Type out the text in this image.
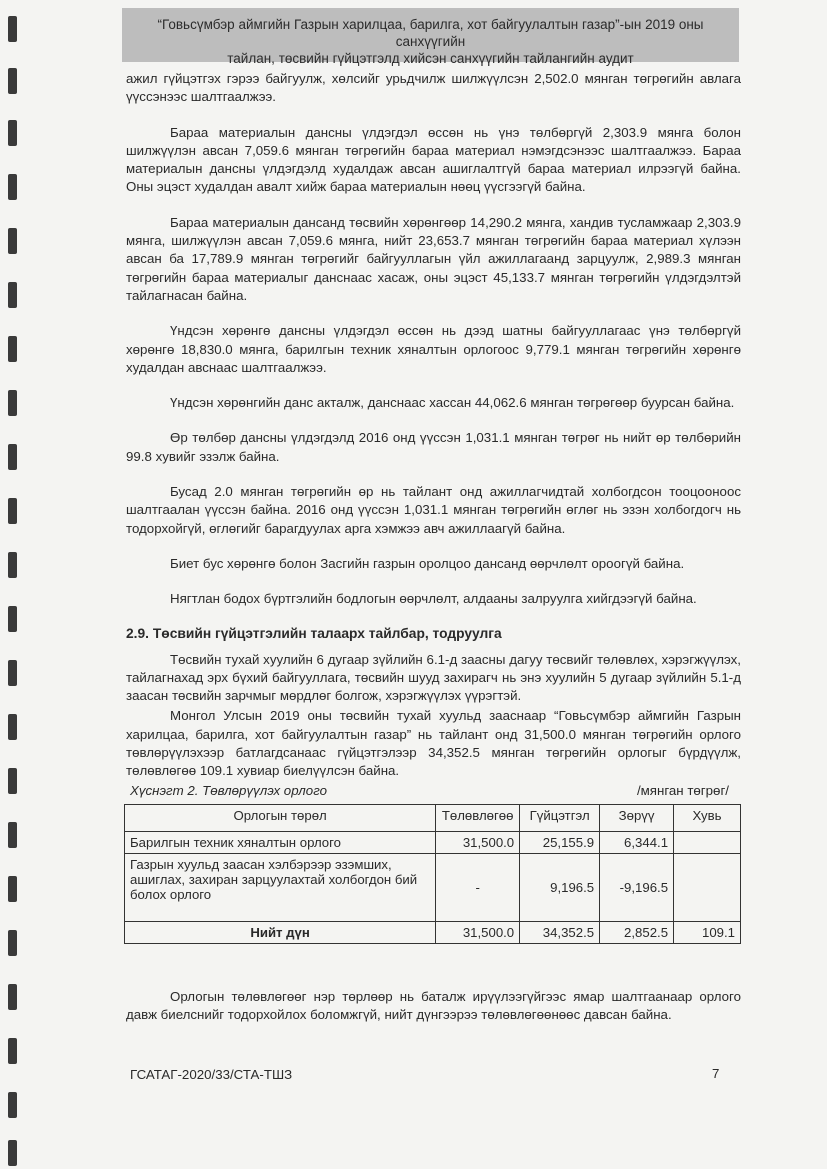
“Говьсүмбэр аймгийн Газрын харилцаа, барилга, хот байгуулалтын газар”-ын 2019 оны санхүүгийн
тайлан, төсвийн гүйцэтгэлд хийсэн санхүүгийн тайлангийн аудит

ажил гүйцэтгэх гэрээ байгуулж, хөлсийг урьдчилж шилжүүлсэн 2,502.0 мянган төгрөгийн авлага үүссэнээс шалтгаалжээ.

Бараа материалын дансны үлдэгдэл өссөн нь үнэ төлбөргүй 2,303.9 мянга болон шилжүүлэн авсан 7,059.6 мянган төгрөгийн бараа материал нэмэгдсэнээс шалтгаалжээ. Бараа материалын дансны үлдэгдэлд худалдаж авсан ашиглалтгүй бараа материал илрээгүй байна. Оны эцэст худалдан авалт хийж бараа материалын нөөц үүсгээгүй байна.

Бараа материалын дансанд төсвийн хөрөнгөөр 14,290.2 мянга, хандив тусламжаар 2,303.9 мянга, шилжүүлэн авсан 7,059.6 мянга, нийт 23,653.7 мянган төгрөгийн бараа материал хүлээн авсан ба 17,789.9 мянган төгрөгийг байгууллагын үйл ажиллагаанд зарцуулж, 2,989.3 мянган төгрөгийн бараа материалыг данснаас хасаж, оны эцэст 45,133.7 мянган төгрөгийн үлдэгдэлтэй тайлагнасан байна.

Үндсэн хөрөнгө дансны үлдэгдэл өссөн нь дээд шатны байгууллагаас үнэ төлбөргүй хөрөнгө 18,830.0 мянга, барилгын техник хяналтын орлогоос 9,779.1 мянган төгрөгийн хөрөнгө худалдан авснаас шалтгаалжээ.

Үндсэн хөрөнгийн данс акталж, данснаас хассан 44,062.6 мянган төгрөгөөр буурсан байна.

Өр төлбөр дансны үлдэгдэлд 2016 онд үүссэн 1,031.1 мянган төгрөг нь нийт өр төлбөрийн 99.8 хувийг эзэлж байна.

Бусад 2.0 мянган төгрөгийн өр нь тайлант онд ажиллагчидтай холбогдсон тооцооноос шалтгаалан үүссэн байна. 2016 онд үүссэн 1,031.1 мянган төгрөгийн өглөг нь эзэн холбогдогч нь тодорхойгүй, өглөгийг барагдуулах арга хэмжээ авч ажиллаагүй байна.

Биет бус хөрөнгө болон Засгийн газрын оролцоо дансанд өөрчлөлт ороогүй байна.

Нягтлан бодох бүртгэлийн бодлогын өөрчлөлт, алдааны залруулга хийгдээгүй байна.

2.9. Төсвийн гүйцэтгэлийн талаарх тайлбар, тодруулга

Төсвийн тухай хуулийн 6 дугаар зүйлийн 6.1-д заасны дагуу төсвийг төлөвлөх, хэрэгжүүлэх, тайлагнахад эрх бүхий байгууллага, төсвийн шууд захирагч нь энэ хуулийн 5 дугаар зүйлийн 5.1-д заасан төсвийн зарчмыг мөрдлөг болгож, хэрэгжүүлэх үүрэгтэй.

Монгол Улсын 2019 оны төсвийн тухай хуульд зааснаар “Говьсүмбэр аймгийн Газрын харилцаа, барилга, хот байгуулалтын газар” нь тайлант онд 31,500.0 мянган төгрөгийн орлого төвлөрүүлэхээр батлагдсанаас гүйцэтгэлээр 34,352.5 мянган төгрөгийн орлогыг бүрдүүлж, төлөвлөгөө 109.1 хувиар биелүүлсэн байна.

Хүснэгт 2. Төвлөрүүлэх орлого	/мянган төгрөг/
Орлогын төрөл	Төлөвлөгөө	Гүйцэтгэл	Зөрүү	Хувь
Барилгын техник хяналтын орлого	31,500.0	25,155.9	6,344.1	
Газрын хуульд заасан хэлбэрээр эзэмших, ашиглах, захиран зарцуулахтай холбогдон бий болох орлого	-	9,196.5	-9,196.5	
Нийт дүн	31,500.0	34,352.5	2,852.5	109.1

Орлогын төлөвлөгөөг нэр төрлөөр нь баталж ирүүлээгүйгээс ямар шалтгаанаар орлого давж биелснийг тодорхойлох боломжгүй, нийт дүнгээрээ төлөвлөгөөнөөс давсан байна.

ГСАТАГ-2020/33/СТА-ТШЗ	7
